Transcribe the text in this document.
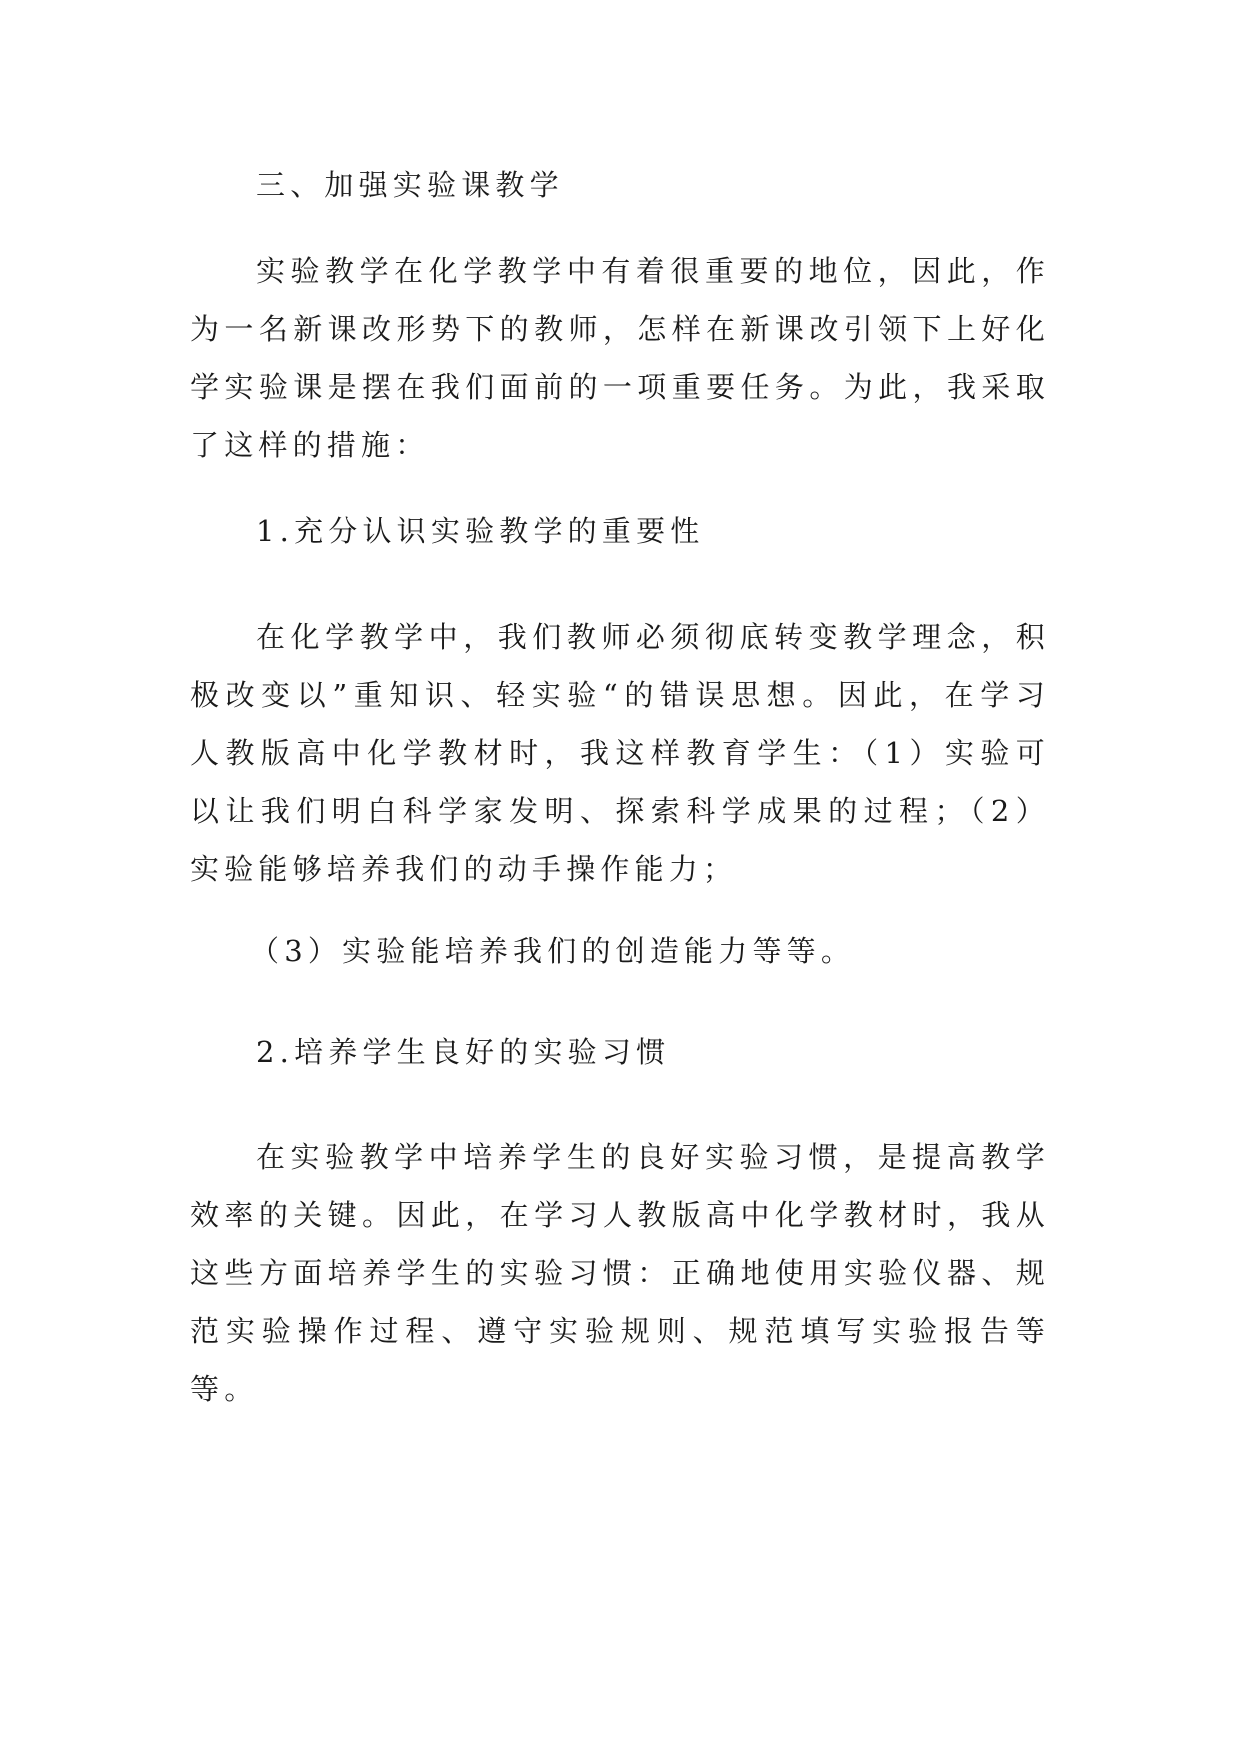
三、加强实验课教学

实验教学在化学教学中有着很重要的地位，因此，作为一名新课改形势下的教师，怎样在新课改引领下上好化学实验课是摆在我们面前的一项重要任务。为此，我采取了这样的措施：

1.充分认识实验教学的重要性

在化学教学中，我们教师必须彻底转变教学理念，积极改变以”重知识、轻实验“的错误思想。因此，在学习人教版高中化学教材时，我这样教育学生：（1）实验可以让我们明白科学家发明、探索科学成果的过程；（2）实验能够培养我们的动手操作能力；

（3）实验能培养我们的创造能力等等。

2.培养学生良好的实验习惯

在实验教学中培养学生的良好实验习惯，是提高教学效率的关键。因此，在学习人教版高中化学教材时，我从这些方面培养学生的实验习惯：正确地使用实验仪器、规范实验操作过程、遵守实验规则、规范填写实验报告等等。
